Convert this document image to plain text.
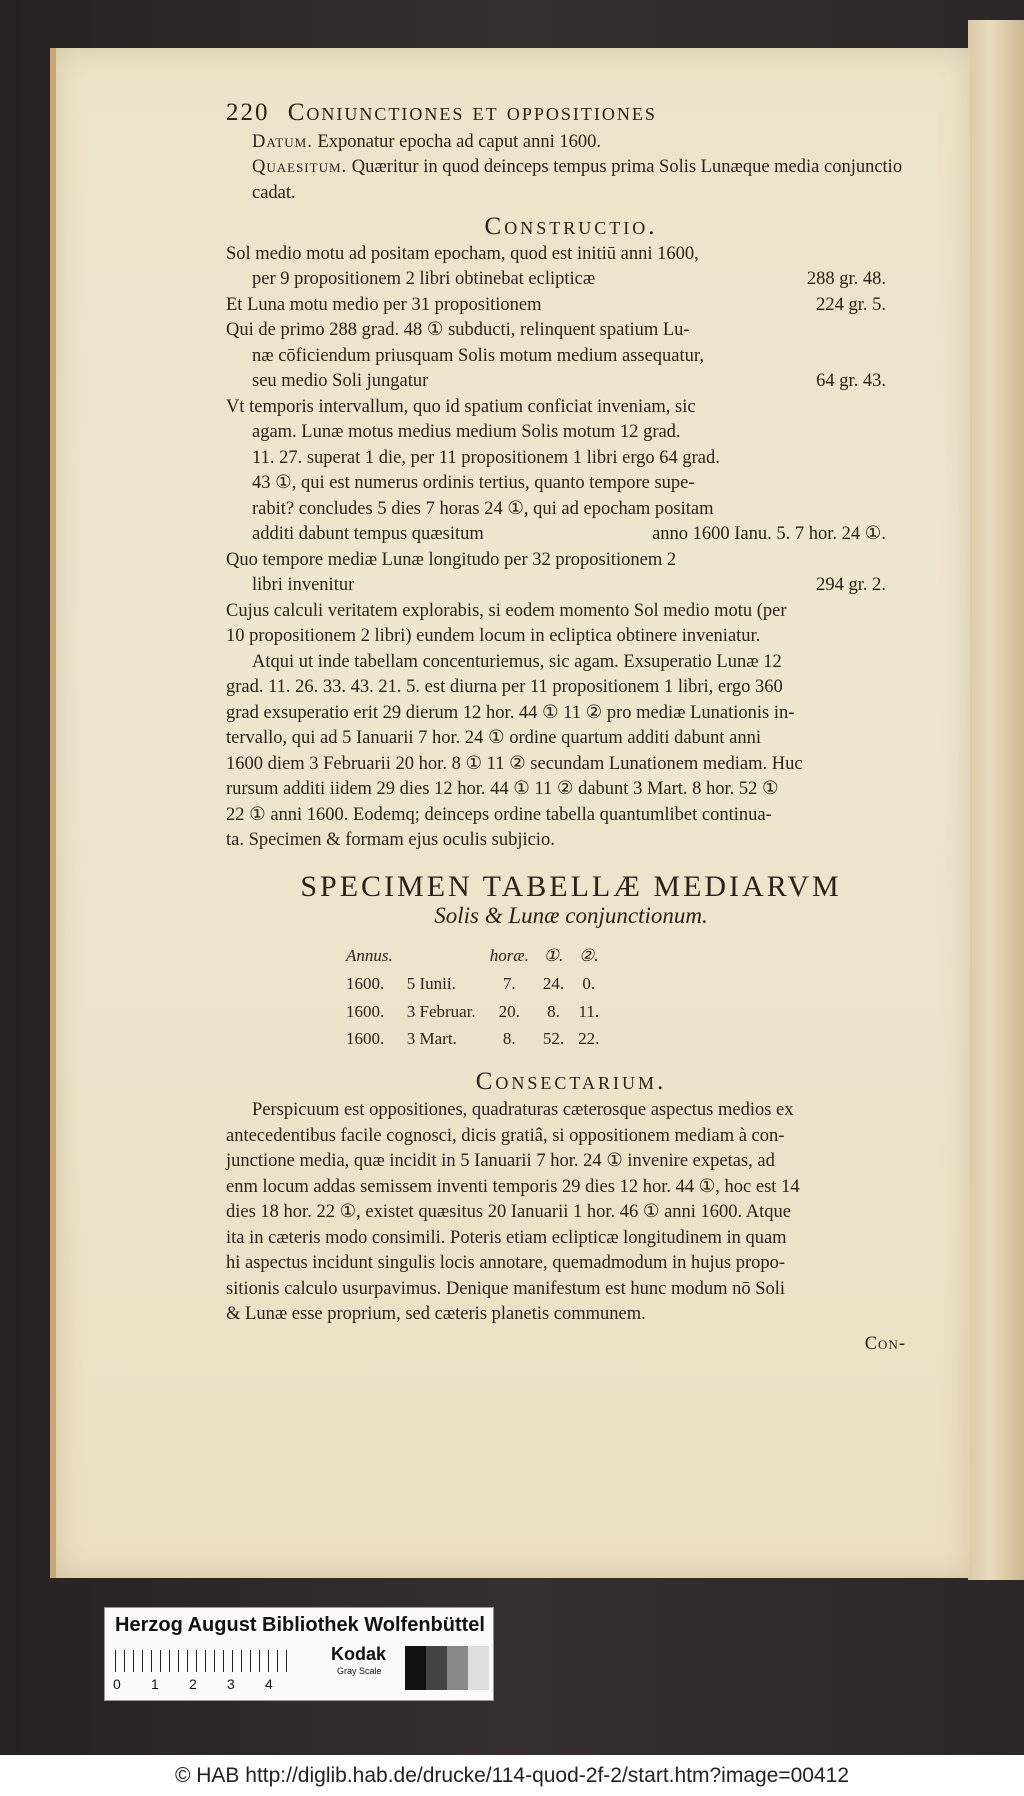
220 Coniunctiones et oppositiones
Datum. Exponatur epocha ad caput anni 1600.
Quaesitum. Quæritur in quod deinceps tempus prima Solis Lunæque media conjunctio cadat.
Constructio.
Sol medio motu ad positam epocham, quod est initiū anni 1600,
per 9 propositionem 2 libri obtinebat eclipticæ	288 gr. 48.
Et Luna motu medio per 31 propositionem	224 gr. 5.
Qui de primo 288 grad. 48 ① subducti, relinquent spatium Lu-
næ cōficiendum priusquam Solis motum medium assequatur,
seu medio Soli jungatur	64 gr. 43.
Vt temporis intervallum, quo id spatium conficiat inveniam, sic
agam. Lunæ motus medius medium Solis motum 12 grad.
11. 27. superat 1 die, per 11 propositionem 1 libri ergo 64 grad.
43 ①, qui est numerus ordinis tertius, quanto tempore supe-
rabit? concludes 5 dies 7 horas 24 ①, qui ad epocham positam
additi dabunt tempus quæsitum	anno 1600 Ianu. 5. 7 hor. 24 ①.
Quo tempore mediæ Lunæ longitudo per 32 propositionem 2
libri invenitur	294 gr. 2.
Cujus calculi veritatem explorabis, si eodem momento Sol medio motu (per
10 propositionem 2 libri) eundem locum in ecliptica obtinere inveniatur.

Atqui ut inde tabellam concenturiemus, sic agam. Exsuperatio Lunæ 12

grad. 11. 26. 33. 43. 21. 5. est diurna per 11 propositionem 1 libri, ergo 360

grad exsuperatio erit 29 dierum 12 hor. 44 ① 11 ② pro mediæ Lunationis in-

tervallo, qui ad 5 Ianuarii 7 hor. 24 ① ordine quartum additi dabunt anni

1600 diem 3 Februarii 20 hor. 8 ① 11 ② secundam Lunationem mediam. Huc

rursum additi iidem 29 dies 12 hor. 44 ① 11 ② dabunt 3 Mart. 8 hor. 52 ①

22 ① anni 1600. Eodemq; deinceps ordine tabella quantumlibet continua-

ta. Specimen & formam ejus oculis subjicio.

SPECIMEN TABELLÆ MEDIARVM
Solis & Lunæ conjunctionum.
Annus.		horæ.	①.	②.
1600.	5 Iunii.	7.	24.	0.
1600.	3 Februar.	20.	8.	11.
1600.	3 Mart.	8.	52.	22.
Consectarium.

Perspicuum est oppositiones, quadraturas cæterosque aspectus medios ex

antecedentibus facile cognosci, dicis gratiâ, si oppositionem mediam à con-

junctione media, quæ incidit in 5 Ianuarii 7 hor. 24 ① invenire expetas, ad

enm locum addas semissem inventi temporis 29 dies 12 hor. 44 ①, hoc est 14

dies 18 hor. 22 ①, existet quæsitus 20 Ianuarii 1 hor. 46 ① anni 1600. Atque

ita in cæteris modo consimili. Poteris etiam eclipticæ longitudinem in quam

hi aspectus incidunt singulis locis annotare, quemadmodum in hujus propo-

sitionis calculo usurpavimus. Denique manifestum est hunc modum nō Soli

& Lunæ esse proprium, sed cæteris planetis communem.

Con-
Herzog August Bibliothek Wolfenbüttel
0 1 2 3 4
Kodak
Gray Scale
© HAB http://diglib.hab.de/drucke/114-quod-2f-2/start.htm?image=00412
